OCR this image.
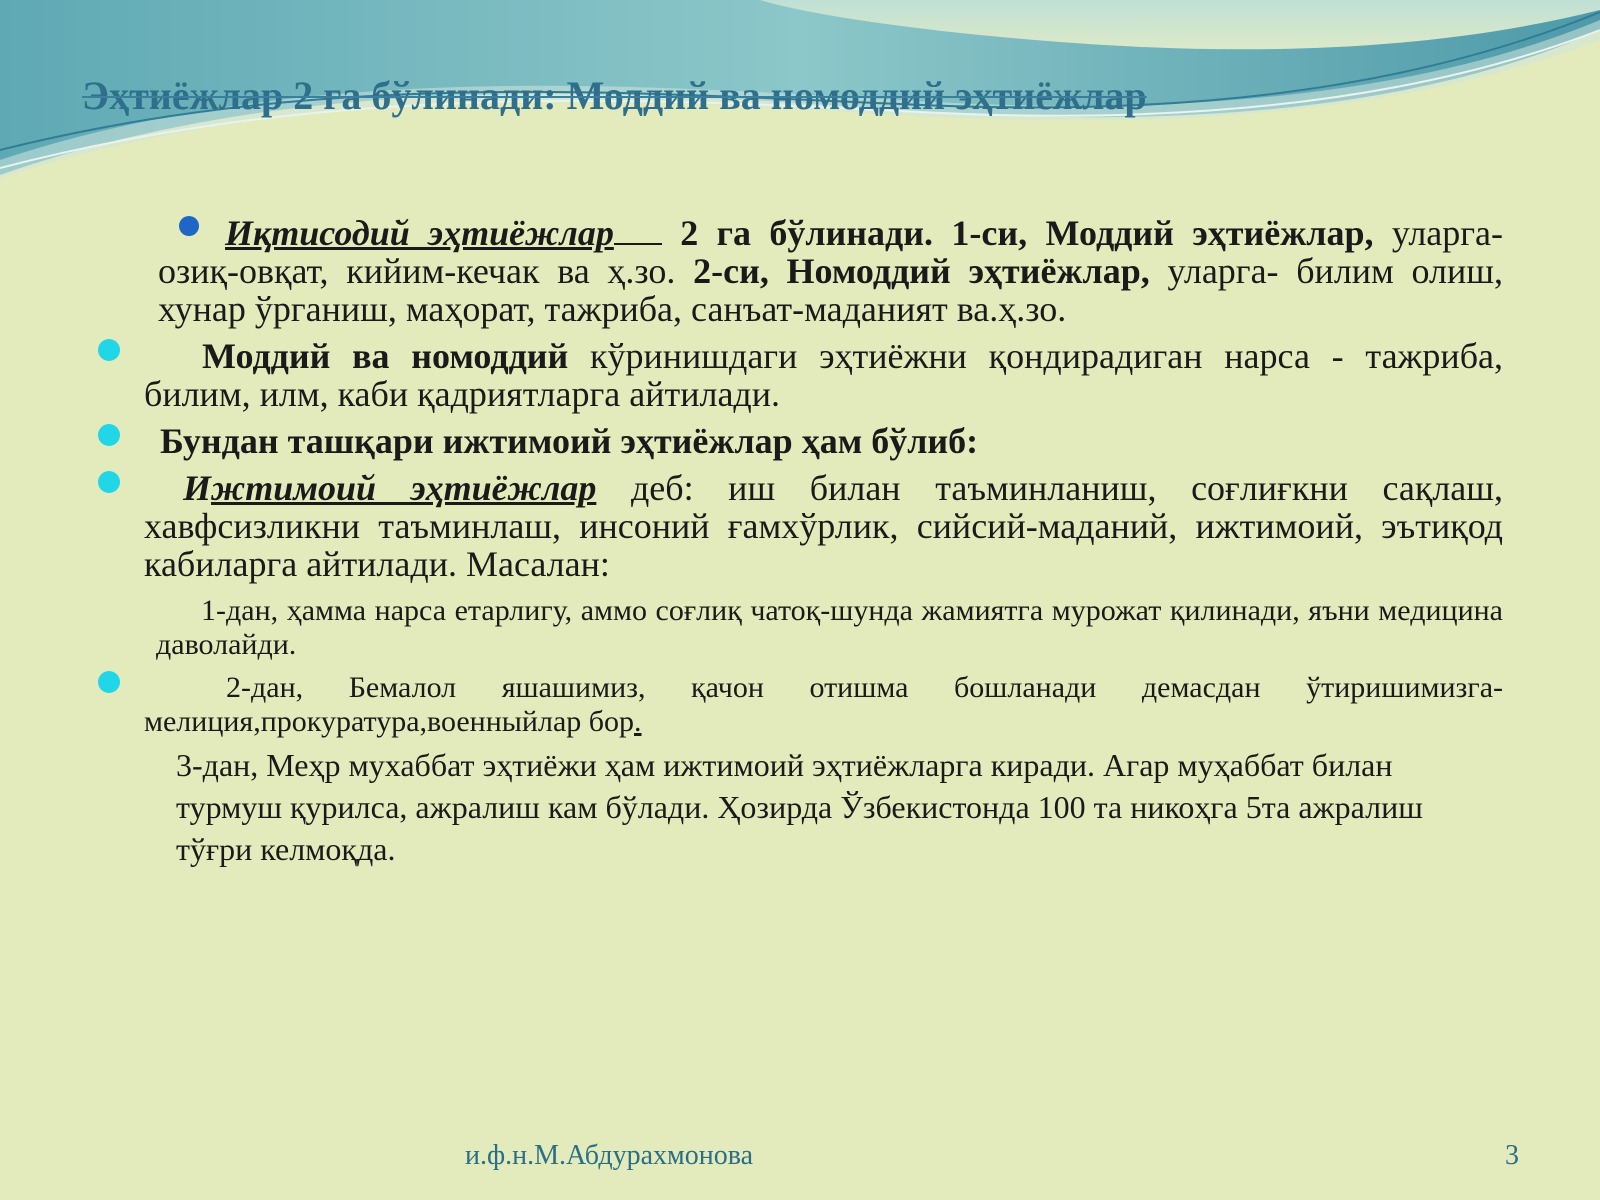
Эҳтиёжлар 2 га бўлинади: Моддий ва номоддий эҳтиёжлар
Иқтисодий эҳтиёжлар 2 га бўлинади. 1-си, Моддий эҳтиёжлар, уларга- озиқ-овқат, кийим-кечак ва ҳ.зо. 2-си, Номоддий эҳтиёжлар, уларга- билим олиш, хунар ўрганиш, маҳорат, тажриба, санъат-маданият ва.ҳ.зо.
Моддий ва номоддий кўринишдаги эҳтиёжни қондирадиган нарса - тажриба, билим, илм, каби қадриятларга айтилади.
Бундан ташқари ижтимоий эҳтиёжлар ҳам бўлиб:
Ижтимоий эҳтиёжлар деб: иш билан таъминланиш, соғлиғкни сақлаш, хавфсизликни таъминлаш, инсоний ғамхўрлик, сийсий-маданий, ижтимоий, эътиқод кабиларга айтилади. Масалан:
1-дан, ҳамма нарса етарлигу, аммо соғлиқ чатоқ-шунда жамиятга мурожат қилинади, яъни медицина даволайди.
2-дан, Бемалол яшашимиз, қачон отишма бошланади демасдан ўтиришимизга-мелиция,прокуратура,военныйлар бор.
3-дан, Меҳр мухаббат эҳтиёжи ҳам ижтимоий эҳтиёжларга киради. Агар муҳаббат билан турмуш қурилса, ажралиш кам бўлади. Ҳозирда Ўзбекистонда 100 та никоҳга 5та ажралиш тўғри келмоқда.
и.ф.н.М.Абдурахмонова	3
